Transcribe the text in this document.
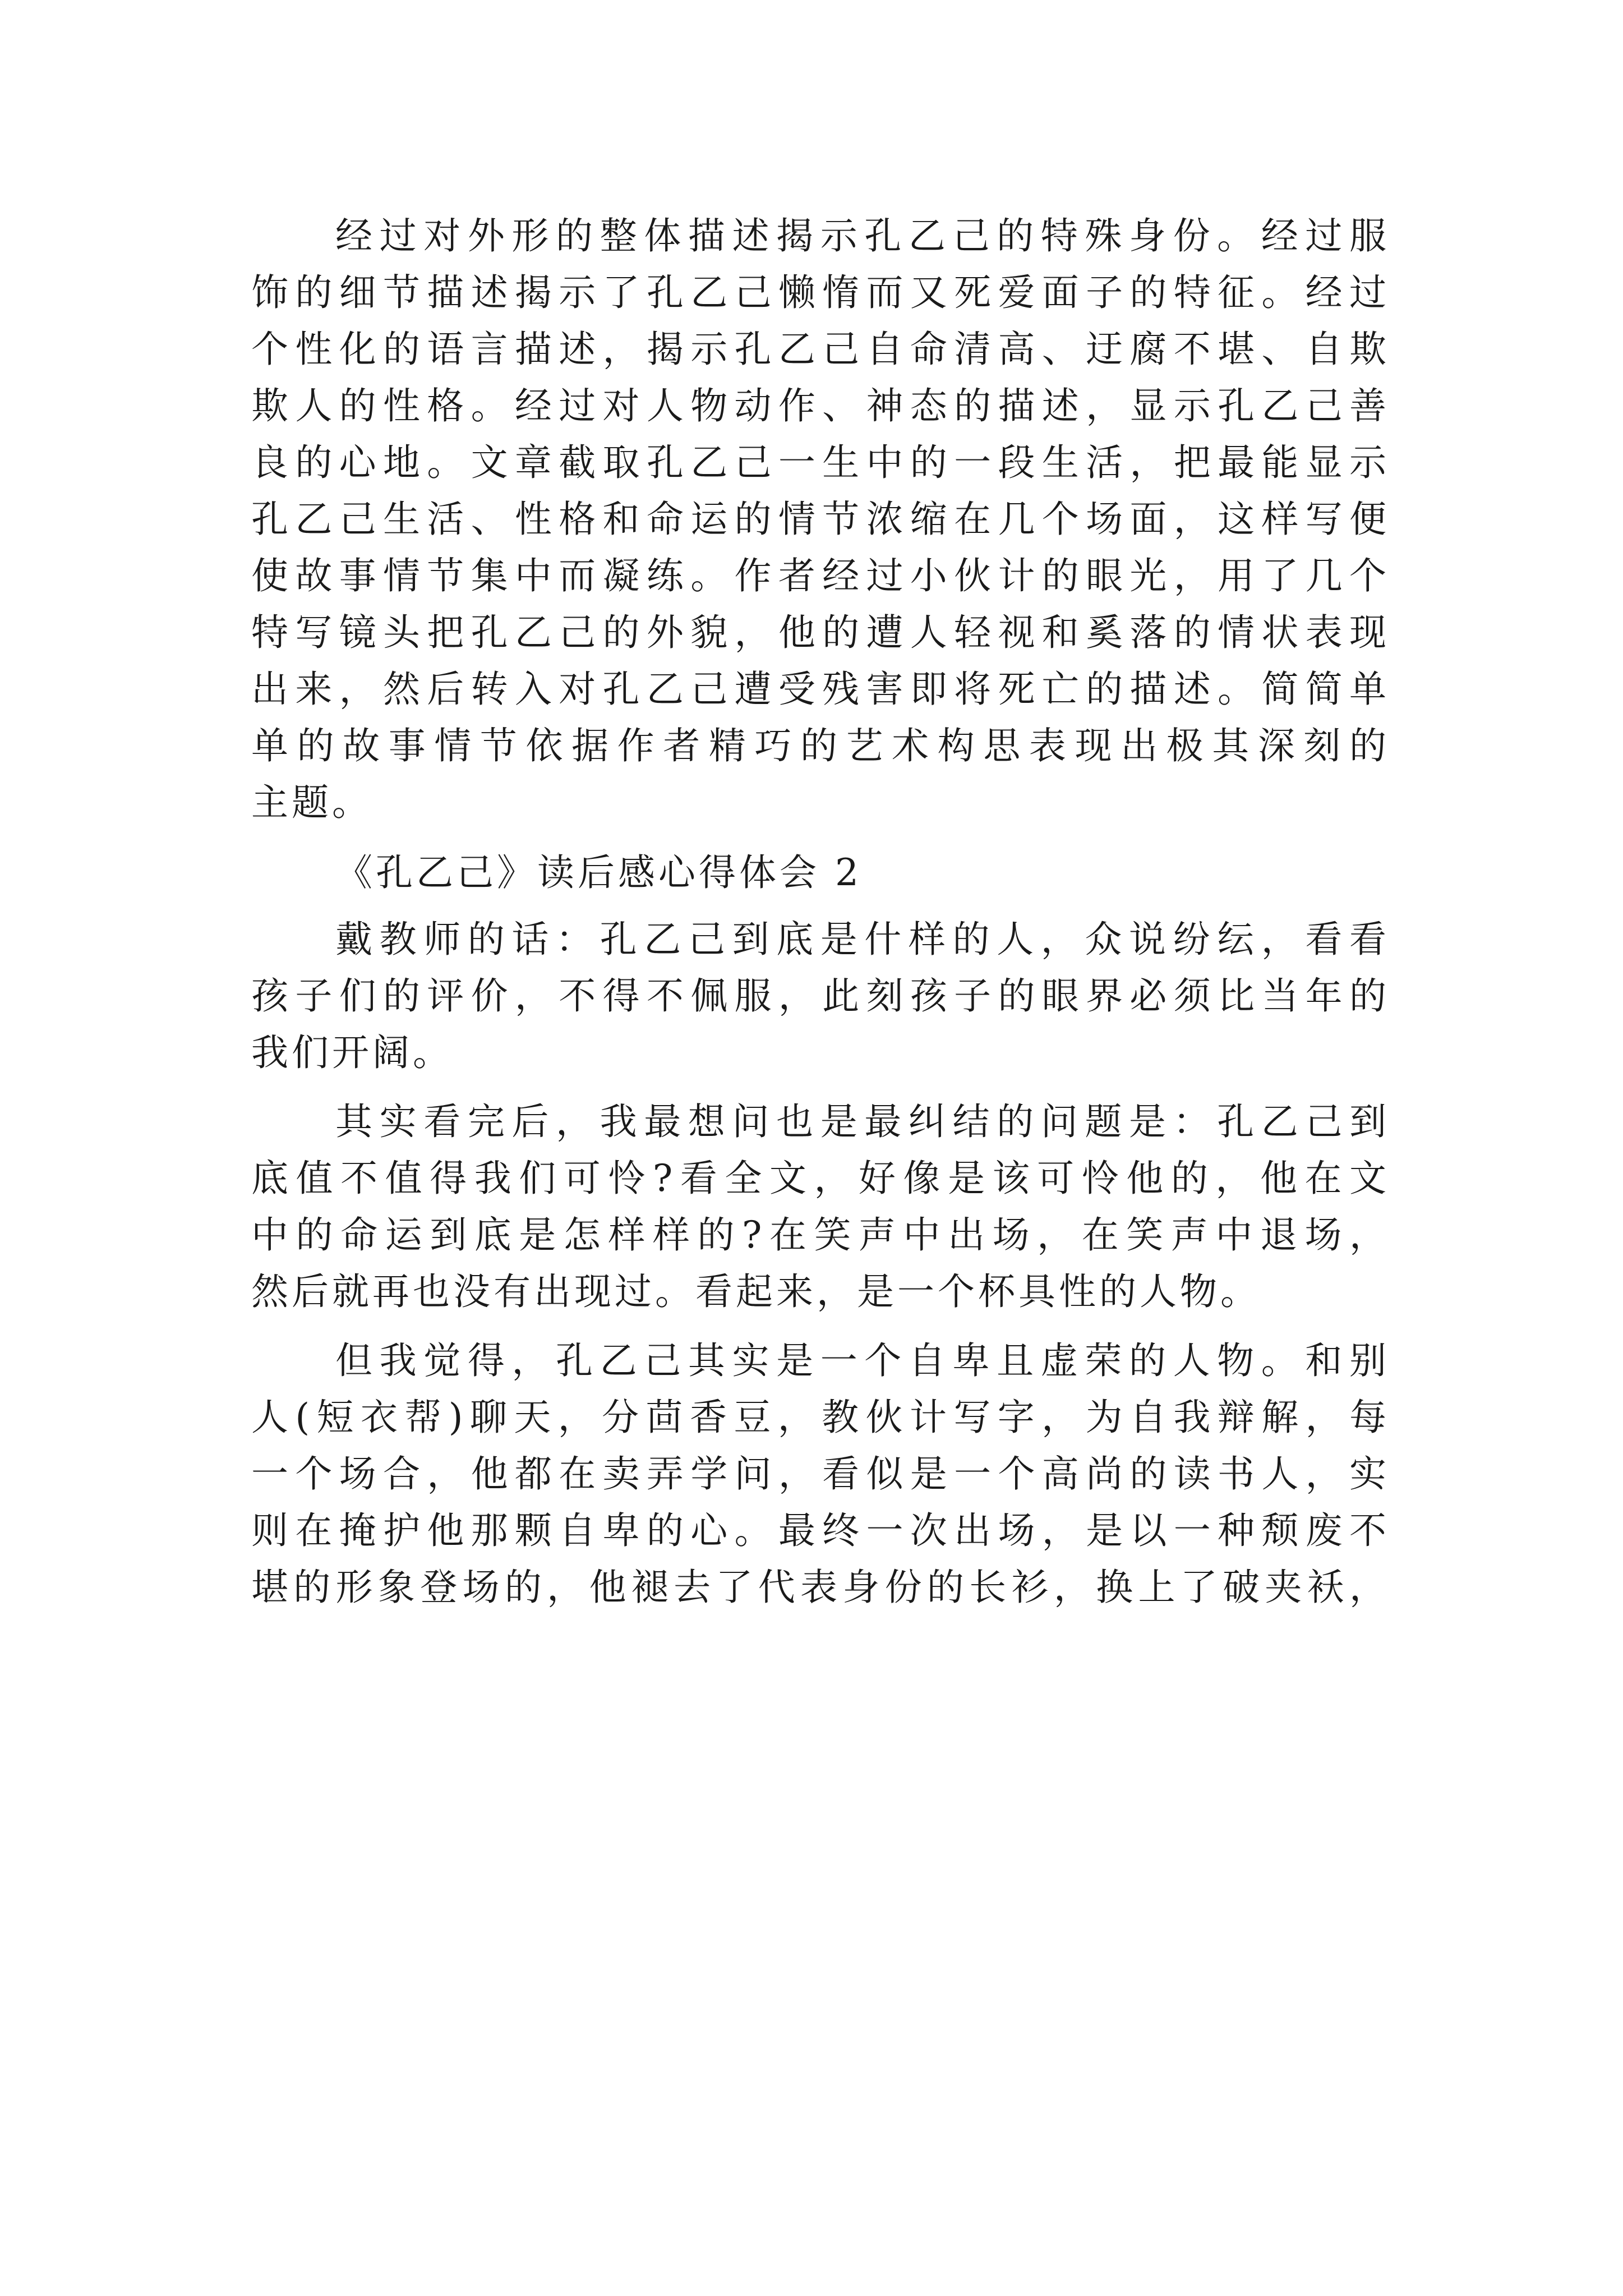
经过对外形的整体描述揭示孔乙己的特殊身份。经过服
饰的细节描述揭示了孔乙己懒惰而又死爱面子的特征。经过
个性化的语言描述，揭示孔乙己自命清高、迂腐不堪、自欺
欺人的性格。经过对人物动作、神态的描述，显示孔乙己善
良的心地。文章截取孔乙己一生中的一段生活，把最能显示
孔乙己生活、性格和命运的情节浓缩在几个场面，这样写便
使故事情节集中而凝练。作者经过小伙计的眼光，用了几个
特写镜头把孔乙己的外貌，他的遭人轻视和奚落的情状表现
出来，然后转入对孔乙己遭受残害即将死亡的描述。简简单
单的故事情节依据作者精巧的艺术构思表现出极其深刻的
主题。
《孔乙己》读后感心得体会 2
戴教师的话：孔乙己到底是什样的人，众说纷纭，看看
孩子们的评价，不得不佩服，此刻孩子的眼界必须比当年的
我们开阔。
其实看完后，我最想问也是最纠结的问题是：孔乙己到
底值不值得我们可怜?看全文，好像是该可怜他的，他在文
中的命运到底是怎样样的?在笑声中出场，在笑声中退场，
然后就再也没有出现过。看起来，是一个杯具性的人物。
但我觉得，孔乙己其实是一个自卑且虚荣的人物。和别
人(短衣帮)聊天，分茴香豆，教伙计写字，为自我辩解，每
一个场合，他都在卖弄学问，看似是一个高尚的读书人，实
则在掩护他那颗自卑的心。最终一次出场，是以一种颓废不
堪的形象登场的，他褪去了代表身份的长衫，换上了破夹袄，
